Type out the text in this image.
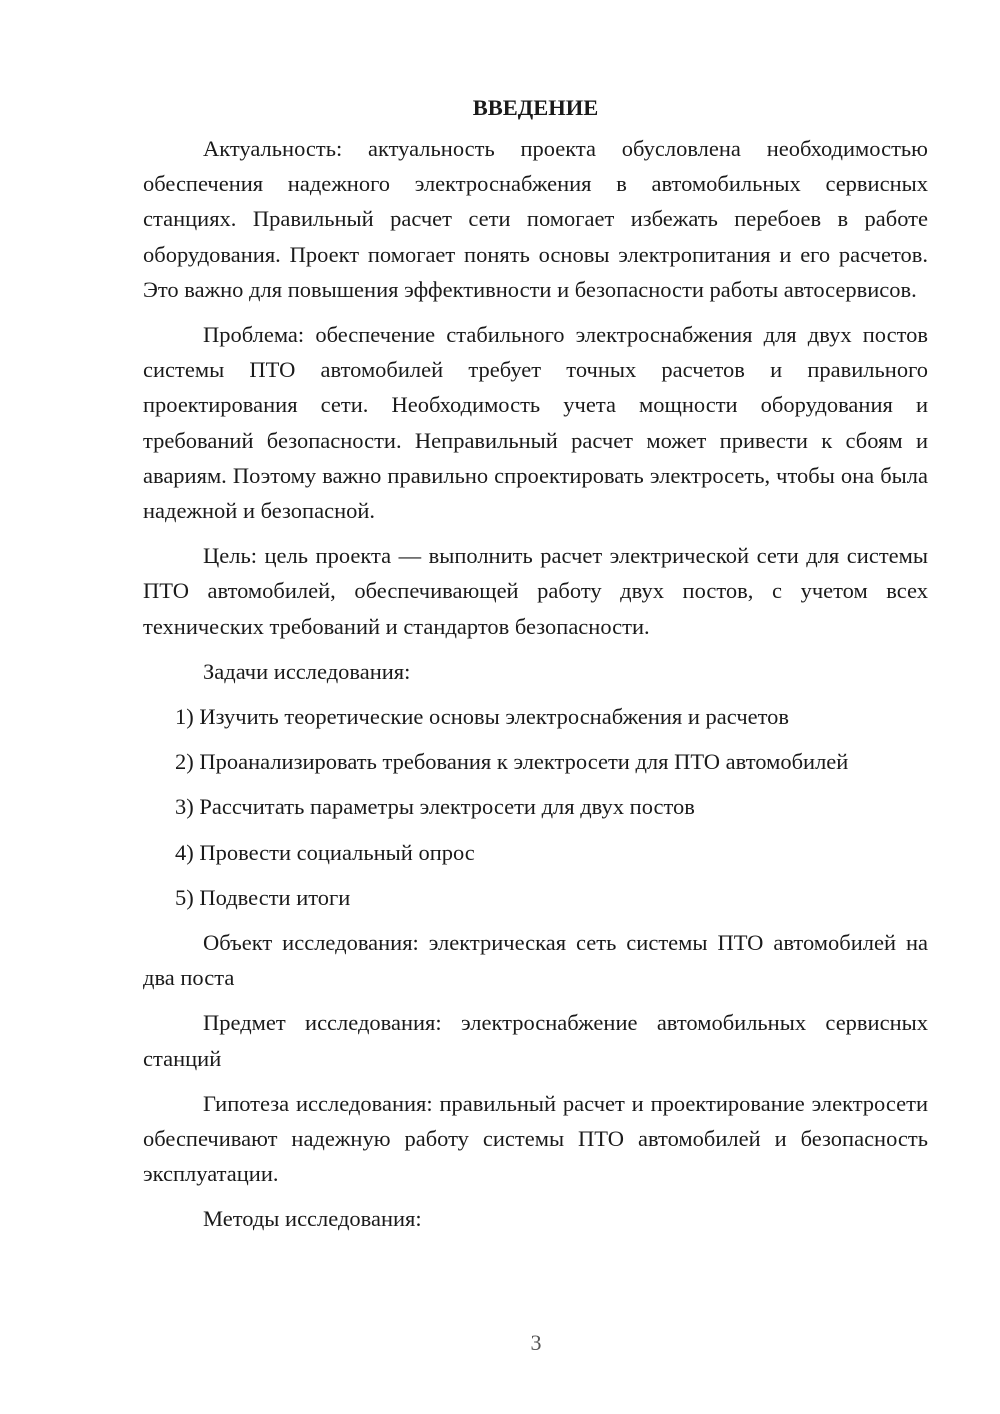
ВВЕДЕНИЕ

Актуальность: актуальность проекта обусловлена необходимостью обеспечения надежного электроснабжения в автомобильных сервисных станциях. Правильный расчет сети помогает избежать перебоев в работе оборудования. Проект помогает понять основы электропитания и его расчетов. Это важно для повышения эффективности и безопасности работы автосервисов.

Проблема: обеспечение стабильного электроснабжения для двух постов системы ПТО автомобилей требует точных расчетов и правильного проектирования сети. Необходимость учета мощности оборудования и требований безопасности. Неправильный расчет может привести к сбоям и авариям. Поэтому важно правильно спроектировать электросеть, чтобы она была надежной и безопасной.

Цель: цель проекта — выполнить расчет электрической сети для системы ПТО автомобилей, обеспечивающей работу двух постов, с учетом всех технических требований и стандартов безопасности.

Задачи исследования:

1) Изучить теоретические основы электроснабжения и расчетов
2) Проанализировать требования к электросети для ПТО автомобилей
3) Рассчитать параметры электросети для двух постов
4) Провести социальный опрос
5) Подвести итоги

Объект исследования: электрическая сеть системы ПТО автомобилей на два поста

Предмет исследования: электроснабжение автомобильных сервисных станций

Гипотеза исследования: правильный расчет и проектирование электросети обеспечивают надежную работу системы ПТО автомобилей и безопасность эксплуатации.

Методы исследования:

3
